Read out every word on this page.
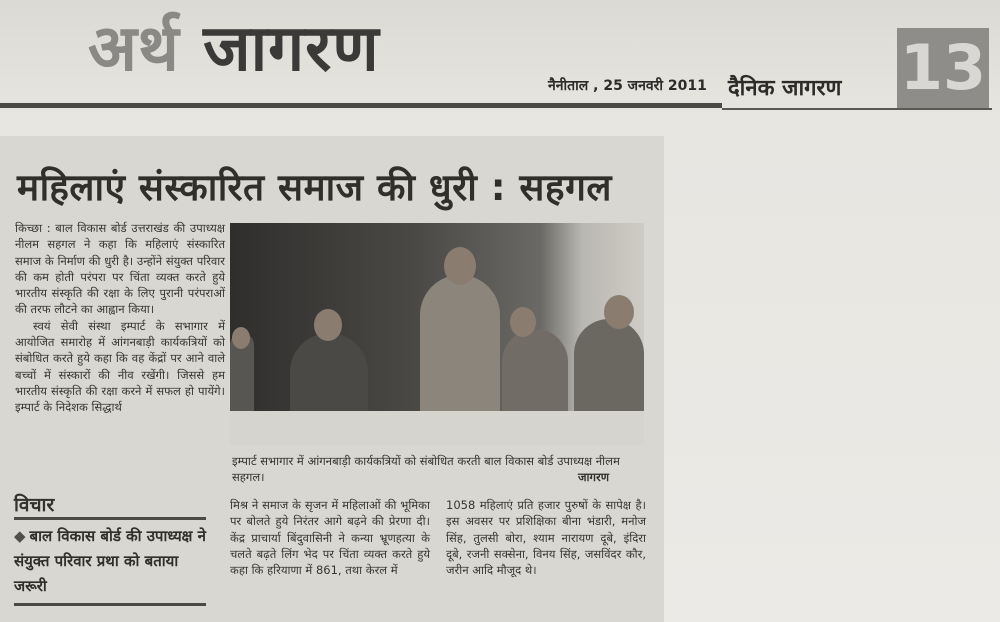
अर्थ जागरण	नैनीताल , 25 जनवरी 2011 दैनिक जागरण 13
महिलाएं संस्कारित समाज की धुरी : सहगल

किच्छा : बाल विकास बोर्ड उत्तराखंड की उपाध्यक्ष नीलम सहगल ने कहा कि महिलाएं संस्कारित समाज के निर्माण की धुरी है। उन्होंने संयुक्त परिवार की कम होती परंपरा पर चिंता व्यक्त करते हुये भारतीय संस्कृति की रक्षा के लिए पुरानी परंपराओं की तरफ लौटने का आह्वान किया।

स्वयं सेवी संस्था इम्पार्ट के सभागार में आयोजित समारोह में आंगनबाड़ी कार्यकत्रियों को संबोधित करते हुये कहा कि वह केंद्रों पर आने वाले बच्चों में संस्कारों की नीव रखेंगी। जिससे हम भारतीय संस्कृति की रक्षा करने में सफल हो पायेंगे। इम्पार्ट के निदेशक सिद्धार्थ

इम्पार्ट सभागार में आंगनबाड़ी कार्यकत्रियों को संबोधित करती बाल विकास बोर्ड उपाध्यक्ष नीलम सहगल।	जागरण
विचार
◆ बाल विकास बोर्ड की उपाध्यक्ष ने संयुक्त परिवार प्रथा को बताया जरूरी
मिश्र ने समाज के सृजन में महिलाओं की भूमिका पर बोलते हुये निरंतर आगे बढ़ने की प्रेरणा दी। केंद्र प्राचार्या बिंदुवासिनी ने कन्या भ्रूणहत्या के चलते बढ़ते लिंग भेद पर चिंता व्यक्त करते हुये कहा कि हरियाणा में 861, तथा केरल में
1058 महिलाएं प्रति हजार पुरुषों के सापेक्ष है। इस अवसर पर प्रशिक्षिका बीना भंडारी, मनोज सिंह, तुलसी बोरा, श्याम नारायण दूबे, इंदिरा दूबे, रजनी सक्सेना, विनय सिंह, जसविंदर कौर, जरीन आदि मौजूद थे।
